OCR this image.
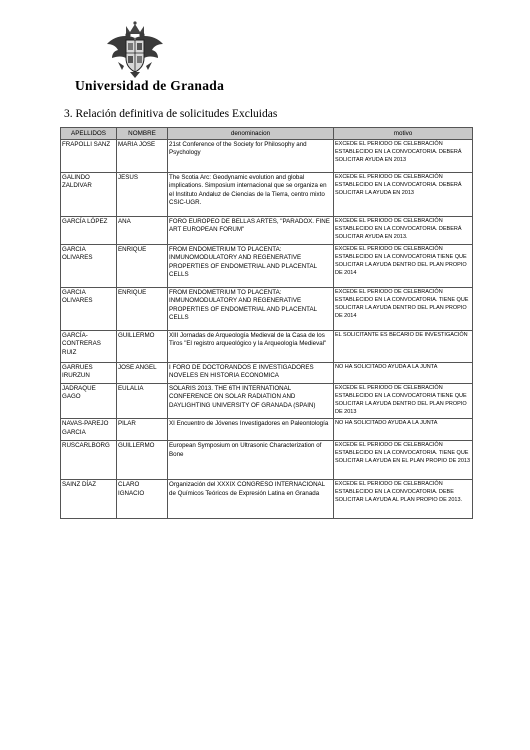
Universidad de Granada
3. Relación definitiva de solicitudes Excluidas
APELLIDOS	NOMBRE	denominacion	motivo
FRAPOLLI SANZ	MARIA JOSE	21st Conference of the Society for Philosophy and Psychology	EXCEDE EL PERIODO DE CELEBRACIÓN ESTABLECIDO EN LA CONVOCATORIA. DEBERÁ SOLICITAR AYUDA EN 2013
GALINDO ZALDIVAR	JESUS	The Scotia Arc: Geodynamic evolution and global implications. Simposium internacional que se organiza en el Instituto Andaluz de Ciencias de la Tierra, centro mixto CSIC-UGR.	EXCEDE EL PERIODO DE CELEBRACIÓN ESTABLECIDO EN LA CONVOCATORIA. DEBERÁ SOLICITAR LA AYUDA EN 2013
GARCÍA LÓPEZ	ANA	FORO EUROPEO DE BELLAS ARTES, "PARADOX. FINE ART EUROPEAN FORUM"	EXCEDE EL PERIODO DE CELEBRACIÓN ESTABLECIDO EN LA CONVOCATORIA. DEBERÁ SOLICITAR AYUDA EN 2013.
GARCIA OLIVARES	ENRIQUE	FROM ENDOMETRIUM TO PLACENTA: INMUNOMODULATORY AND REGENERATIVE PROPERTIES OF ENDOMETRIAL AND PLACENTAL CELLS	EXCEDE EL PERIODO DE CELEBRACIÓN ESTABLECIDO EN LA CONVOCATORIA TIENE QUE SOLICITAR LA AYUDA DENTRO DEL PLAN PROPIO DE 2014
GARCIA OLIVARES	ENRIQUE	FROM ENDOMETRIUM TO PLACENTA: INMUNOMODULATORY AND REGENERATIVE PROPERTIES OF ENDOMETRIAL AND PLACENTAL CELLS	EXCEDE EL PERIODO DE CELEBRACIÓN ESTABLECIDO EN LA CONVOCATORIA. TIENE QUE SOLICITAR LA AYUDA DENTRO DEL PLAN PROPIO DE 2014
GARCÍA-CONTRERAS RUIZ	GUILLERMO	XIII Jornadas de Arqueología Medieval de la Casa de los Tiros "El registro arqueológico y la Arqueología Medieval"	EL SOLICITANTE ES BECARIO DE INVESTIGACIÓN
GARRUES IRURZUN	JOSE ANGEL	I FORO DE DOCTORANDOS E INVESTIGADORES NOVELES EN HISTORIA ECONOMICA	NO HA SOLICITADO AYUDA A LA JUNTA
JADRAQUE GAGO	EULALIA	SOLARIS 2013. THE 6TH INTERNATIONAL CONFERENCE ON SOLAR RADIATION AND DAYLIGHTING UNIVERSITY OF GRANADA (SPAIN)	EXCEDE EL PERIODO DE CELEBRACIÓN ESTABLECIDO EN LA CONVOCATORIA TIENE QUE SOLICITAR LA AYUDA DENTRO DEL PLAN PROPIO DE 2013
NAVAS-PAREJO GARCIA	PILAR	XI Encuentro de Jóvenes Investigadores en Paleontología	NO HA SOLICITADO AYUDA A LA JUNTA
RUSCARLBORG	GUILLERMO	European Symposium on Ultrasonic Characterization of Bone	EXCEDE EL PERIODO DE CELEBRACIÓN ESTABLECIDO EN LA CONVOCATORIA. TIENE QUE SOLICITAR LA AYUDA EN EL PLAN PROPIO DE 2013
SAINZ DÍAZ	CLARO IGNACIO	Organización del XXXIX CONGRESO INTERNACIONAL de Químicos Teóricos de Expresión Latina en Granada	EXCEDE EL PERIODO DE CELEBRACIÓN ESTABLECIDO EN LA CONVOCATORIA. DEBE SOLICITAR LA AYUDA AL PLAN PROPIO DE 2013.
